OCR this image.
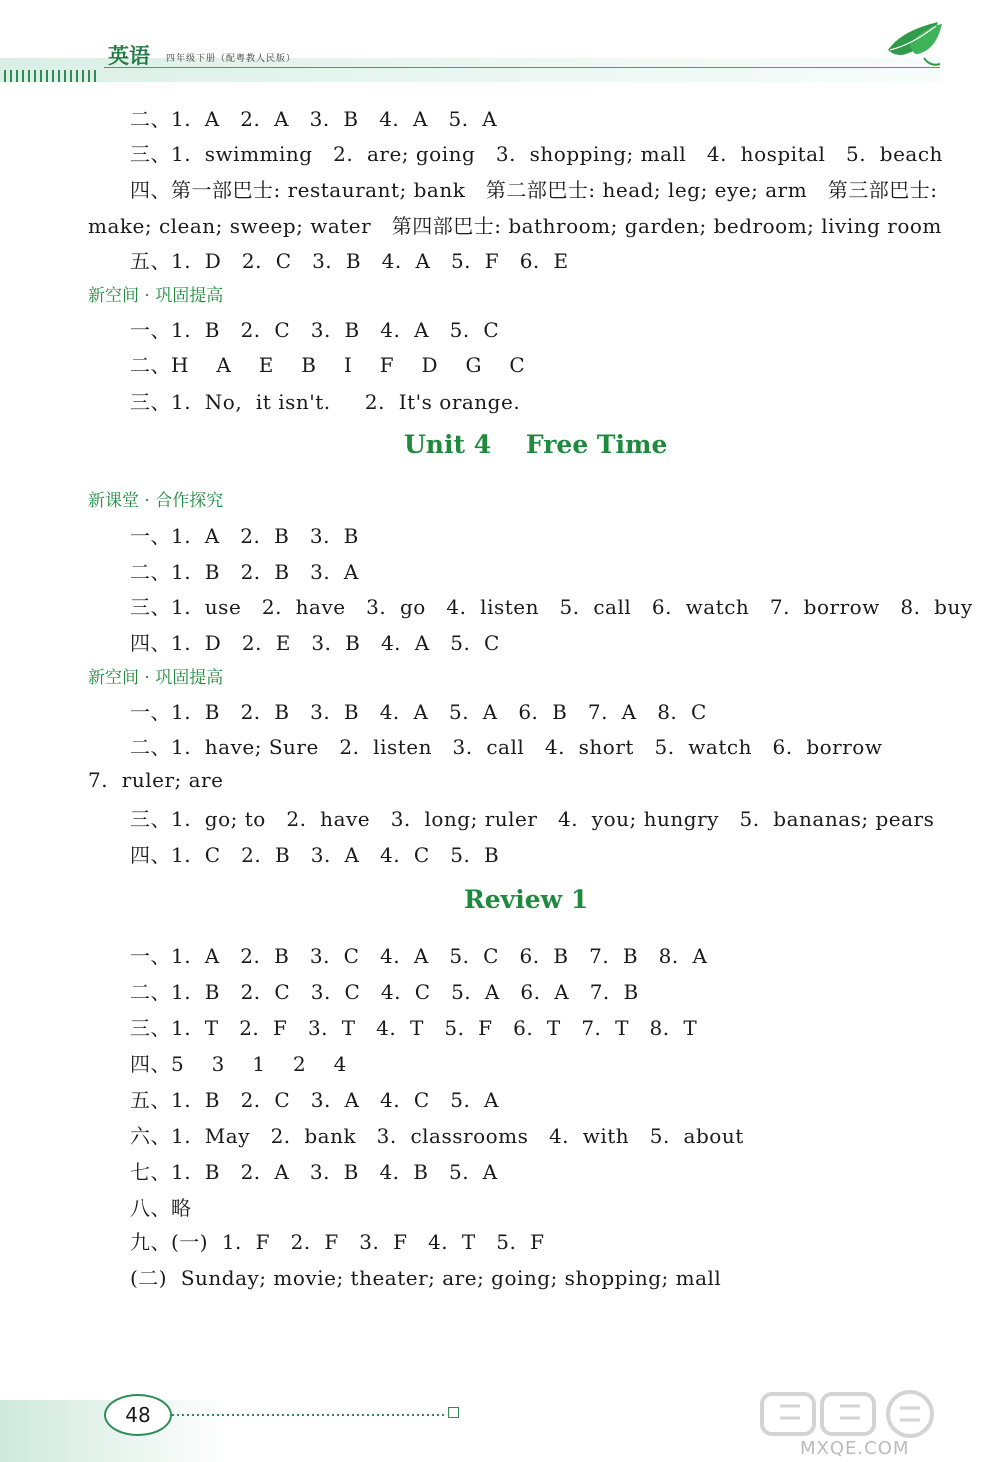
英语 四年级下册（配粤教人民版）
二、1.  A   2.  A   3.  B   4.  A   5.  A
三、1.  swimming   2.  are; going   3.  shopping; mall   4.  hospital   5.  beach
四、第一部巴士: restaurant; bank   第二部巴士: head; leg; eye; arm   第三部巴士:
make; clean; sweep; water   第四部巴士: bathroom; garden; bedroom; living room
五、1.  D   2.  C   3.  B   4.  A   5.  F   6.  E
新空间 · 巩固提高
新课堂 · 合作探究
新空间 · 巩固提高
一、1.  B   2.  C   3.  B   4.  A   5.  C
二、H    A    E    B    I    F    D    G    C
三、1.  No,  it isn't.     2.  It's orange.
一、1.  A   2.  B   3.  B
二、1.  B   2.  B   3.  A
三、1.  use   2.  have   3.  go   4.  listen   5.  call   6.  watch   7.  borrow   8.  buy
四、1.  D   2.  E   3.  B   4.  A   5.  C
一、1.  B   2.  B   3.  B   4.  A   5.  A   6.  B   7.  A   8.  C
二、1.  have; Sure   2.  listen   3.  call   4.  short   5.  watch   6.  borrow
7.  ruler; are
三、1.  go; to   2.  have   3.  long; ruler   4.  you; hungry   5.  bananas; pears
四、1.  C   2.  B   3.  A   4.  C   5.  B
一、1.  A   2.  B   3.  C   4.  A   5.  C   6.  B   7.  B   8.  A
二、1.  B   2.  C   3.  C   4.  C   5.  A   6.  A   7.  B
三、1.  T   2.  F   3.  T   4.  T   5.  F   6.  T   7.  T   8.  T
四、5    3    1    2    4
五、1.  B   2.  C   3.  A   4.  C   5.  A
六、1.  May   2.  bank   3.  classrooms   4.  with   5.  about
七、1.  B   2.  A   3.  B   4.  B   5.  A
八、略
九、(一)  1.  F   2.  F   3.  F   4.  T   5.  F
(二)  Sunday; movie; theater; are; going; shopping; mall
Unit 4    Free Time
Review 1
48
MXQE.COM
